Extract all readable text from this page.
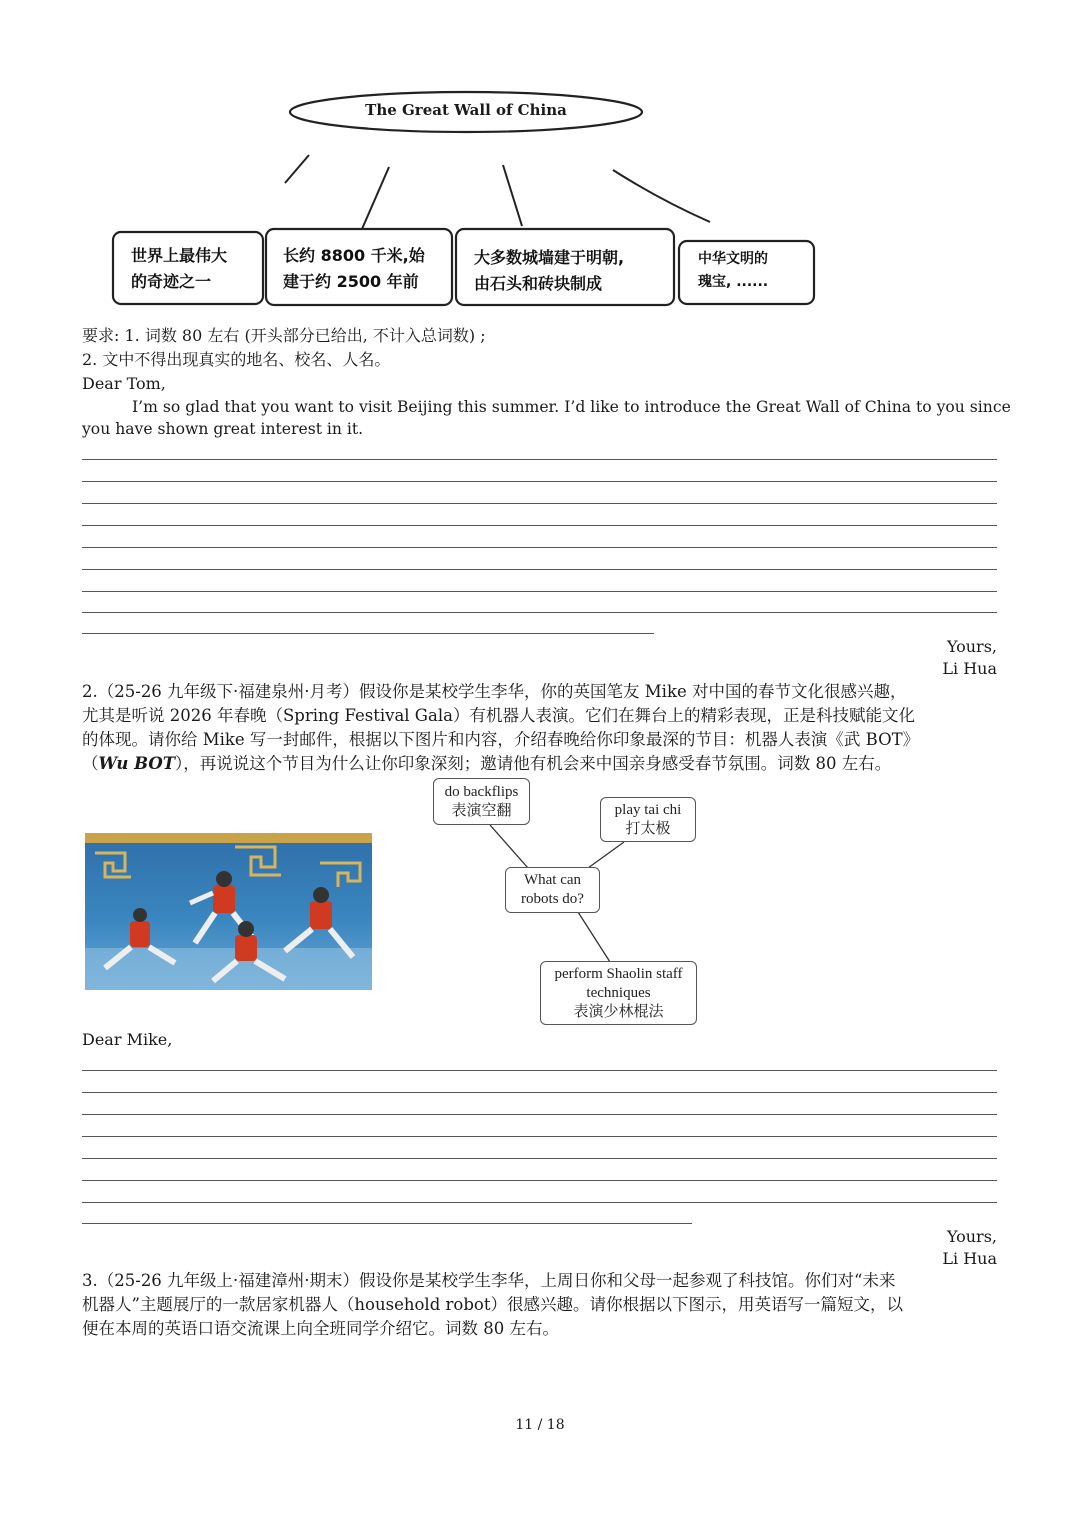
The Great Wall of China
世界上最伟大
的奇迹之一
长约 8800 千米,始
建于约 2500 年前
大多数城墙建于明朝,
由石头和砖块制成
中华文明的
瑰宝, ......
要求: 1. 词数 80 左右 (开头部分已给出, 不计入总词数) ;
2. 文中不得出现真实的地名、校名、人名。
Dear Tom,
I’m so glad that you want to visit Beijing this summer. I’d like to introduce the Great Wall of China to you since
you have shown great interest in it.
Yours,
Li Hua
2.（25-26 九年级下·福建泉州·月考）假设你是某校学生李华，你的英国笔友 Mike 对中国的春节文化很感兴趣，
尤其是听说 2026 年春晚（Spring Festival Gala）有机器人表演。它们在舞台上的精彩表现，正是科技赋能文化
的体现。请你给 Mike 写一封邮件，根据以下图片和内容，介绍春晚给你印象最深的节目：机器人表演《武 BOT》
（Wu BOT），再说说这个节目为什么让你印象深刻；邀请他有机会来中国亲身感受春节氛围。词数 80 左右。
do backflips
表演空翻	play tai chi
打太极
What can
robots do?
perform Shaolin staff
techniques
表演少林棍法
Dear Mike,
Yours,
Li Hua
3.（25-26 九年级上·福建漳州·期末）假设你是某校学生李华，上周日你和父母一起参观了科技馆。你们对“未来
机器人”主题展厅的一款居家机器人（household robot）很感兴趣。请你根据以下图示，用英语写一篇短文，以
便在本周的英语口语交流课上向全班同学介绍它。词数 80 左右。
11 / 18
